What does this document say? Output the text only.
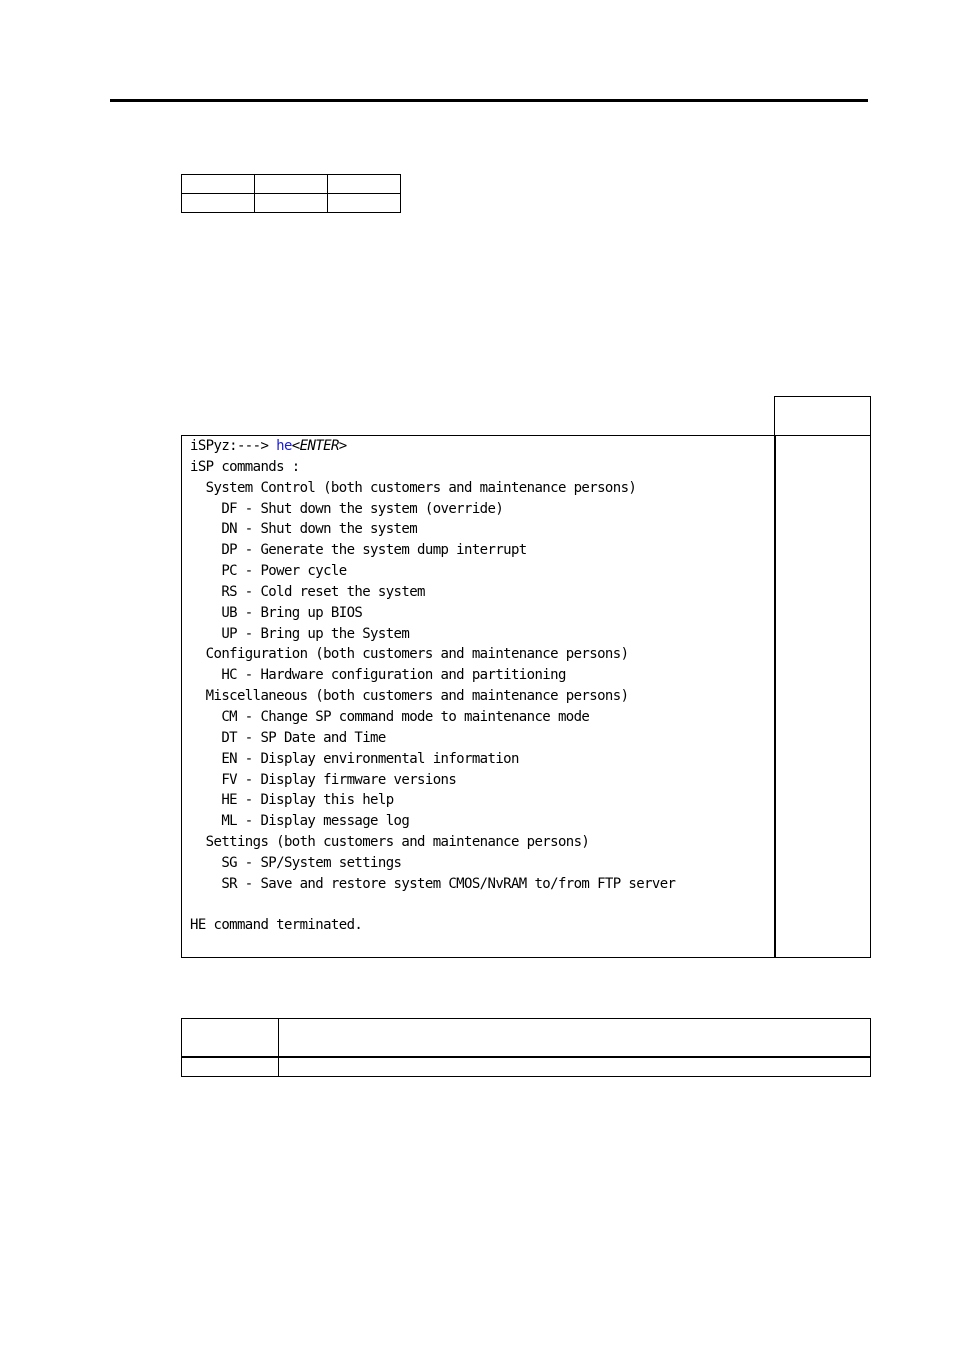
iSPyz:---> he<ENTER>
iSP commands :
System Control (both customers and maintenance persons)
DF - Shut down the system (override)
DN - Shut down the system
DP - Generate the system dump interrupt
PC - Power cycle
RS - Cold reset the system
UB - Bring up BIOS
UP - Bring up the System
Configuration (both customers and maintenance persons)
HC - Hardware configuration and partitioning
Miscellaneous (both customers and maintenance persons)
CM - Change SP command mode to maintenance mode
DT - SP Date and Time
EN - Display environmental information
FV - Display firmware versions
HE - Display this help
ML - Display message log
Settings (both customers and maintenance persons)
SG - SP/System settings
SR - Save and restore system CMOS/NvRAM to/from FTP server

HE command terminated.
